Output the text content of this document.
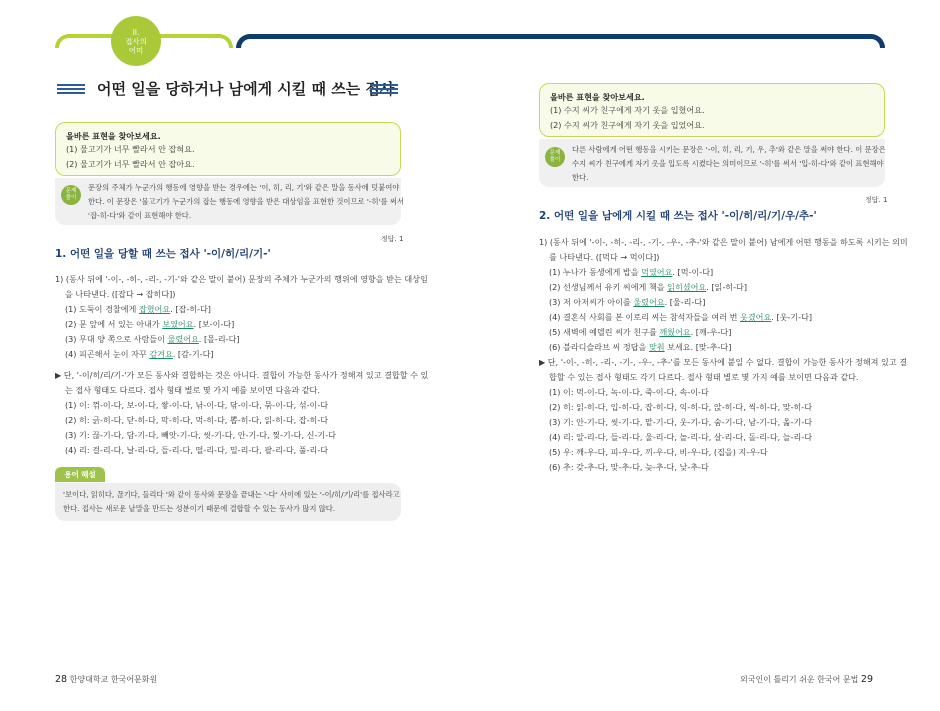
II.
접사의
어미
어떤 일을 당하거나 남에게 시킬 때 쓰는 접사
올바른 표현을 찾아보세요.
(1) 물고기가 너무 빨라서 안 잡혀요.
(2) 물고기가 너무 빨라서 안 잡아요.
문제
풀이
문장의 주체가 누군가의 행동에 영향을 받는 경우에는 '이, 히, 리, 기'와 같은 말을 동사에 덧붙여야
한다. 이 문장은 '물고기가 누군가의 잡는 행동에 영향을 받은 대상임을 표현한 것이므로 '-히'를 써서
'잡-히-다'와 같이 표현해야 한다.
정답. 1
1. 어떤 일을 당할 때 쓰는 접사 '-이/히/리/기-'
1) (동사 뒤에 '-이-, -히-, -리-, -기-'와 같은 말이 붙어) 문장의 주체가 누군가의 행위에 영향을 받는 대상임
을 나타낸다. ([잡다 → 잡히다])
(1) 도둑이 경찰에게 잡혔어요. [잡-히-다]
(2) 문 앞에 서 있는 아내가 보였어요. [보-이-다]
(3) 무대 양 쪽으로 사람들이 물렸어요. [몰-리-다]
(4) 피곤해서 눈이 자꾸 감겨요. [감-기-다]
▶ 단, '-이/히/리/기-'가 모든 동사와 결합하는 것은 아니다. 결합이 가능한 동사가 정해져 있고 결합할 수 있
는 접사 형태도 다르다. 접사 형태 별로 몇 가지 예를 보이면 다음과 같다.
(1) 이: 꺾-이-다, 보-이-다, 쌓-이-다, 낚-이-다, 닦-이-다, 묶-이-다, 섞-이-다
(2) 히: 긁-히-다, 닫-히-다, 막-히-다, 먹-히-다, 뽑-히-다, 읽-히-다, 잡-히-다
(3) 기: 끊-기-다, 담-기-다, 빼앗-기-다, 씻-기-다, 안-기-다, 찢-기-다, 신-기-다
(4) 리: 걸-리-다, 날-리-다, 들-리-다, 떨-리-다, 밀-리-다, 팔-리-다, 풀-리-다
용어 해설
'보이다, 읽히다, 끊기다, 들리다 '와 같이 동사와 문장을 끝내는 '-다' 사이에 있는 '-이/히/기/리'를 접사라고
한다. 접사는 새로운 낱말을 만드는 성분이기 때문에 결합할 수 있는 동사가 많지 않다.
28 한양대학교 한국어문화원
올바른 표현을 찾아보세요.
(1) 수지 씨가 친구에게 자기 옷을 입혔어요.
(2) 수지 씨가 친구에게 자기 옷을 입었어요.
문제
풀이
다른 사람에게 어떤 행동을 시키는 문장은 '-이, 히, 리, 기, 우, 추'와 같은 말을 써야 한다. 이 문장은
수지 씨가 친구에게 자기 옷을 입도록 시켰다는 의미이므로 '-히'를 써서 '입-히-다'와 같이 표현해야
한다.
정답. 1
2. 어떤 일을 남에게 시킬 때 쓰는 접사 '-이/히/리/기/우/추-'
1) (동사 뒤에 '-이-, -히-, -리-, -기-, -우-, -추-'와 같은 말이 붙어) 남에게 어떤 행동을 하도록 시키는 의미
를 나타낸다. ([먹다 → 먹이다])
(1) 누나가 동생에게 밥을 먹였어요. [먹-이-다]
(2) 선생님께서 유키 씨에게 책을 읽히셨어요. [읽-히-다]
(3) 저 아저씨가 아이를 울렸어요. [울-리-다]
(4) 결혼식 사회를 본 이로리 씨는 참석자들을 여러 번 웃겼어요. [웃-기-다]
(5) 새벽에 예델린 씨가 친구를 깨웠어요. [깨-우-다]
(6) 블라디슬라브 씨 정답을 맞춰 보세요. [맞-추-다]
▶ 단, '-이-, -히-, -리-, -기-, -우-, -추-'를 모든 동사에 붙일 수 없다. 결합이 가능한 동사가 정해져 있고 결
합할 수 있는 접사 형태도 각기 다르다. 접사 형태 별로 몇 가지 예를 보이면 다음과 같다.
(1) 이: 먹-이-다, 녹-이-다, 죽-이-다, 속-이-다
(2) 히: 읽-히-다, 입-히-다, 잡-히-다, 익-히-다, 앉-히-다, 씩-히-다, 맞-히-다
(3) 기: 안-기-다, 씻-기-다, 맡-기-다, 웃-기-다, 숨-기-다, 남-기-다, 옮-기-다
(4) 리: 알-리-다, 들-리-다, 울-리-다, 놀-리-다, 살-리-다, 돌-리-다, 늘-리-다
(5) 우: 깨-우-다, 피-우-다, 끼-우-다, 비-우-다, (집을) 지-우-다
(6) 추: 갖-추-다, 맞-추-다, 늦-추-다, 낮-추-다
외국인이 틀리기 쉬운 한국어 문법 29
